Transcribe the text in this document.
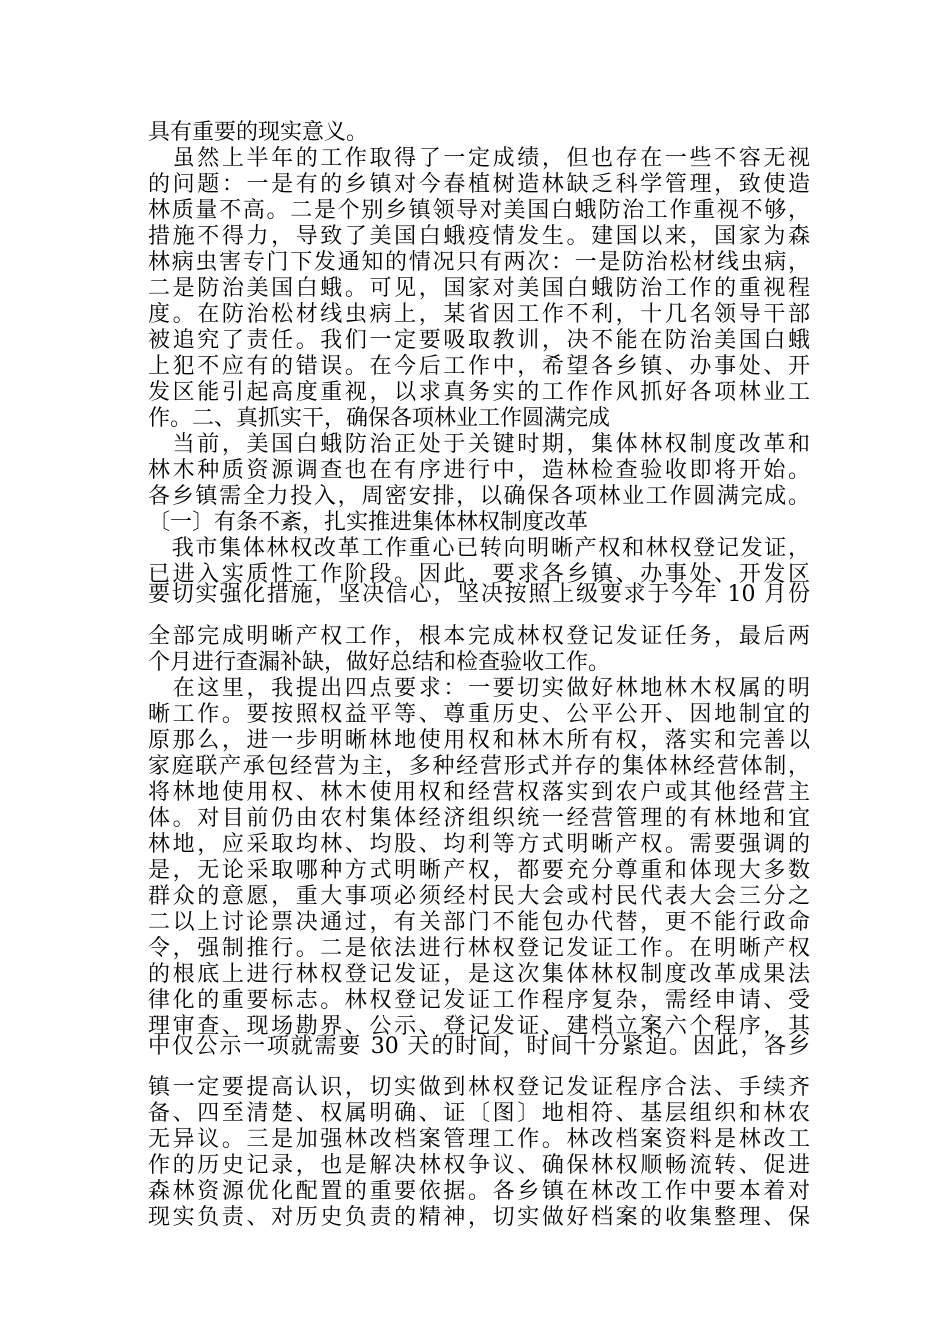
具有重要的现实意义。
　虽然上半年的工作取得了一定成绩，但也存在一些不容无视
的问题：一是有的乡镇对今春植树造林缺乏科学管理，致使造
林质量不高。二是个别乡镇领导对美国白蛾防治工作重视不够，
措施不得力，导致了美国白蛾疫情发生。建国以来，国家为森
林病虫害专门下发通知的情况只有两次：一是防治松材线虫病，
二是防治美国白蛾。可见，国家对美国白蛾防治工作的重视程
度。在防治松材线虫病上，某省因工作不利，十几名领导干部
被追究了责任。我们一定要吸取教训，决不能在防治美国白蛾
上犯不应有的错误。在今后工作中，希望各乡镇、办事处、开
发区能引起高度重视，以求真务实的工作作风抓好各项林业工
作。二、真抓实干，确保各项林业工作圆满完成
　当前，美国白蛾防治正处于关键时期，集体林权制度改革和
林木种质资源调查也在有序进行中，造林检查验收即将开始。
各乡镇需全力投入，周密安排，以确保各项林业工作圆满完成。
〔一〕有条不紊，扎实推进集体林权制度改革
　我市集体林权改革工作重心已转向明晰产权和林权登记发证，
已进入实质性工作阶段。因此，要求各乡镇、办事处、开发区
要切实强化措施，坚决信心，坚决按照上级要求于今年 10 月份
全部完成明晰产权工作，根本完成林权登记发证任务，最后两
个月进行查漏补缺，做好总结和检查验收工作。
　在这里，我提出四点要求：一要切实做好林地林木权属的明
晰工作。要按照权益平等、尊重历史、公平公开、因地制宜的
原那么，进一步明晰林地使用权和林木所有权，落实和完善以
家庭联产承包经营为主，多种经营形式并存的集体林经营体制，
将林地使用权、林木使用权和经营权落实到农户或其他经营主
体。对目前仍由农村集体经济组织统一经营管理的有林地和宜
林地，应采取均林、均股、均利等方式明晰产权。需要强调的
是，无论采取哪种方式明晰产权，都要充分尊重和体现大多数
群众的意愿，重大事项必须经村民大会或村民代表大会三分之
二以上讨论票决通过，有关部门不能包办代替，更不能行政命
令，强制推行。二是依法进行林权登记发证工作。在明晰产权
的根底上进行林权登记发证，是这次集体林权制度改革成果法
律化的重要标志。林权登记发证工作程序复杂，需经申请、受
理审查、现场勘界、公示、登记发证、建档立案六个程序，其
中仅公示一项就需要 30 天的时间，时间十分紧迫。因此，各乡
镇一定要提高认识，切实做到林权登记发证程序合法、手续齐
备、四至清楚、权属明确、证〔图〕地相符、基层组织和林农
无异议。三是加强林改档案管理工作。林改档案资料是林改工
作的历史记录，也是解决林权争议、确保林权顺畅流转、促进
森林资源优化配置的重要依据。各乡镇在林改工作中要本着对
现实负责、对历史负责的精神，切实做好档案的收集整理、保
